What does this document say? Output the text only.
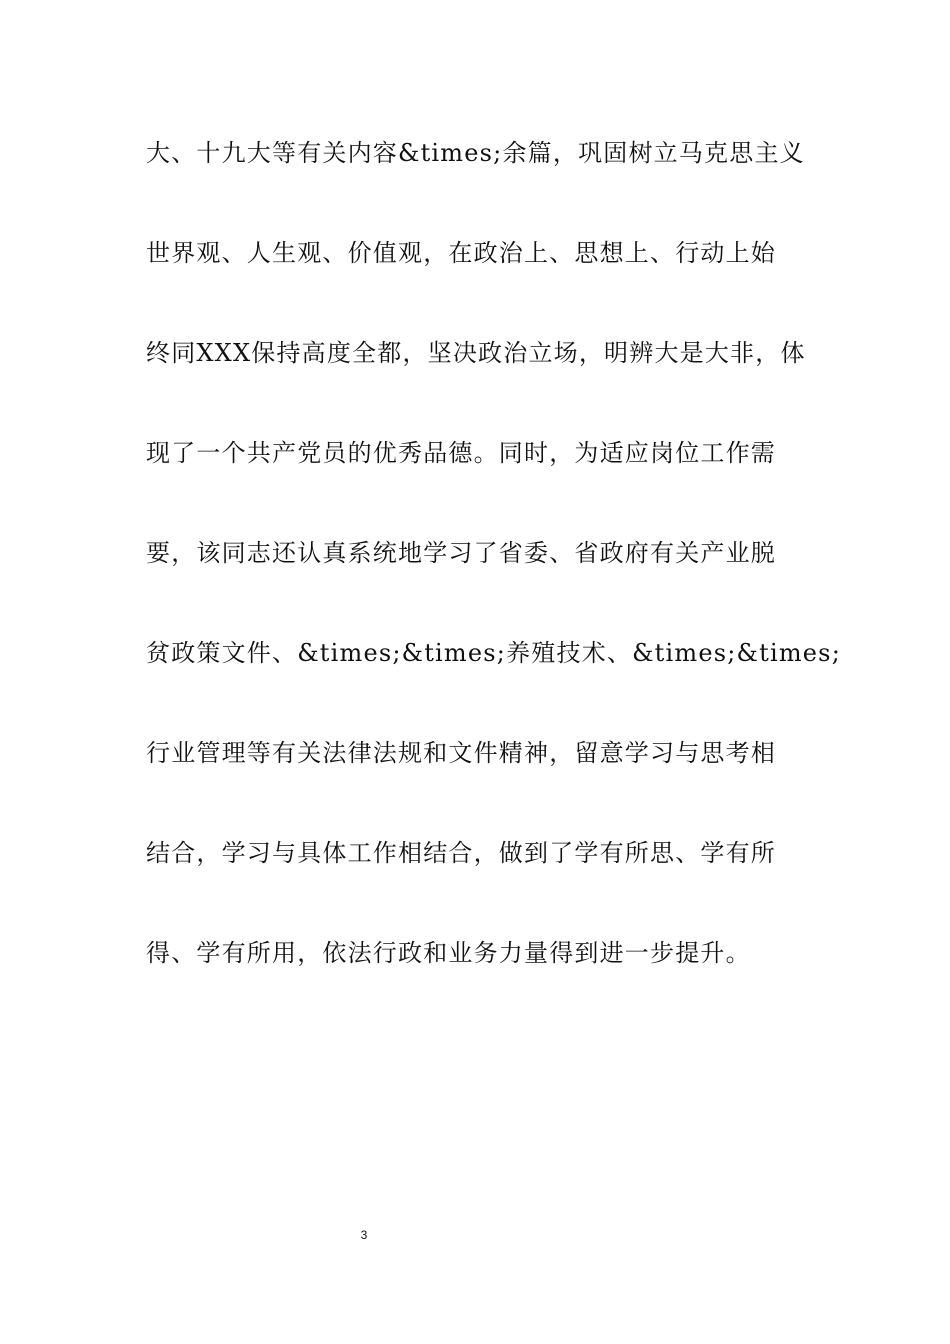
大、十九大等有关内容&times;余篇，巩固树立马克思主义
世界观、人生观、价值观，在政治上、思想上、行动上始
终同XXX保持高度全都，坚决政治立场，明辨大是大非，体
现了一个共产党员的优秀品德。同时，为适应岗位工作需
要，该同志还认真系统地学习了省委、省政府有关产业脱
贫政策文件、&times;&times;养殖技术、&times;&times;
行业管理等有关法律法规和文件精神，留意学习与思考相
结合，学习与具体工作相结合，做到了学有所思、学有所
得、学有所用，依法行政和业务力量得到进一步提升。
3
